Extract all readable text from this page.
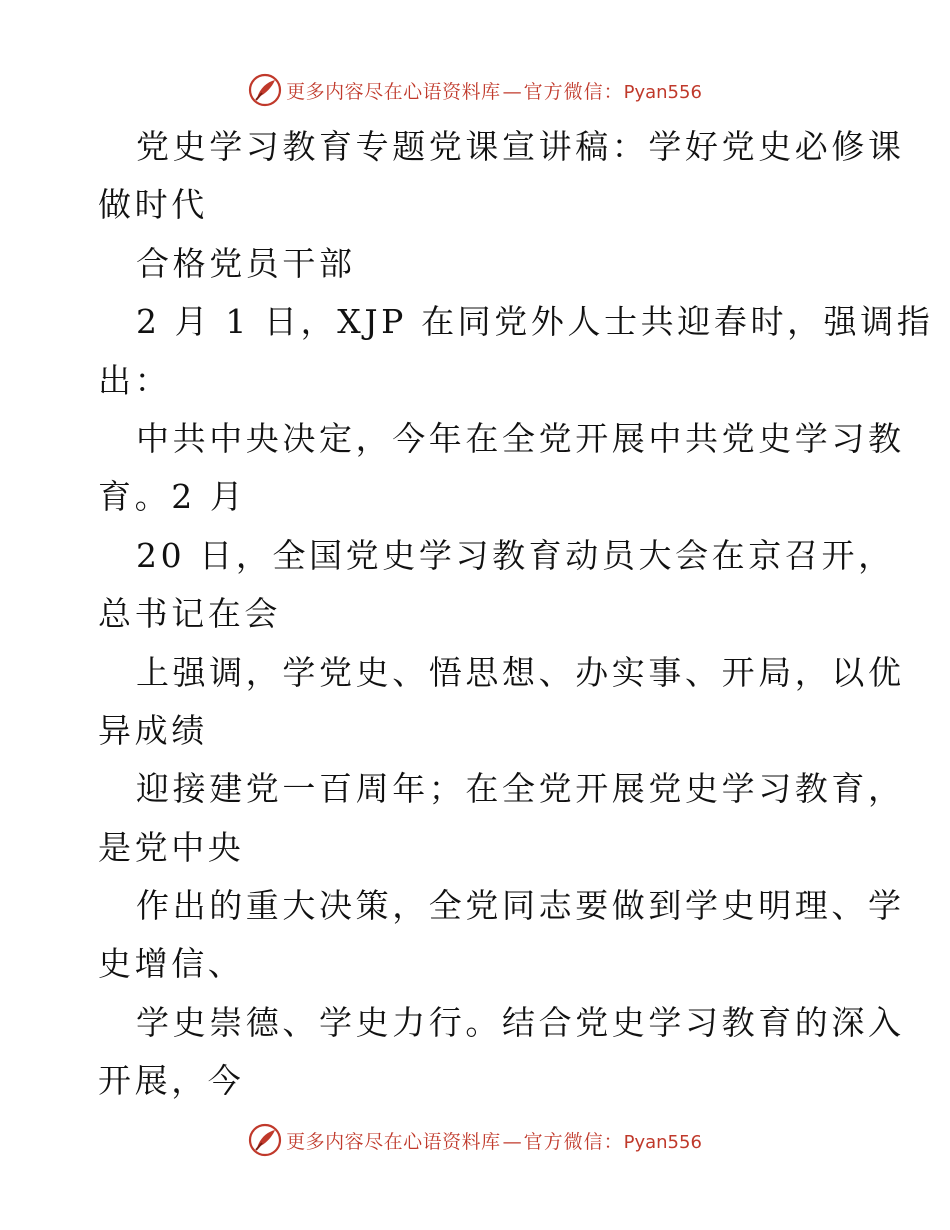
更多内容尽在心语资料库 — 官方微信： Pyan556
党史学习教育专题党课宣讲稿：学好党史必修课
做时代
合格党员干部
2 月 1 日，XJP 在同党外人士共迎春时，强调指
出：
中共中央决定，今年在全党开展中共党史学习教
育。2 月
20 日，全国党史学习教育动员大会在京召开，
总书记在会
上强调，学党史、悟思想、办实事、开局，以优
异成绩
迎接建党一百周年；在全党开展党史学习教育，
是党中央
作出的重大决策，全党同志要做到学史明理、学
史增信、
学史崇德、学史力行。结合党史学习教育的深入
开展，今
更多内容尽在心语资料库 — 官方微信： Pyan556
